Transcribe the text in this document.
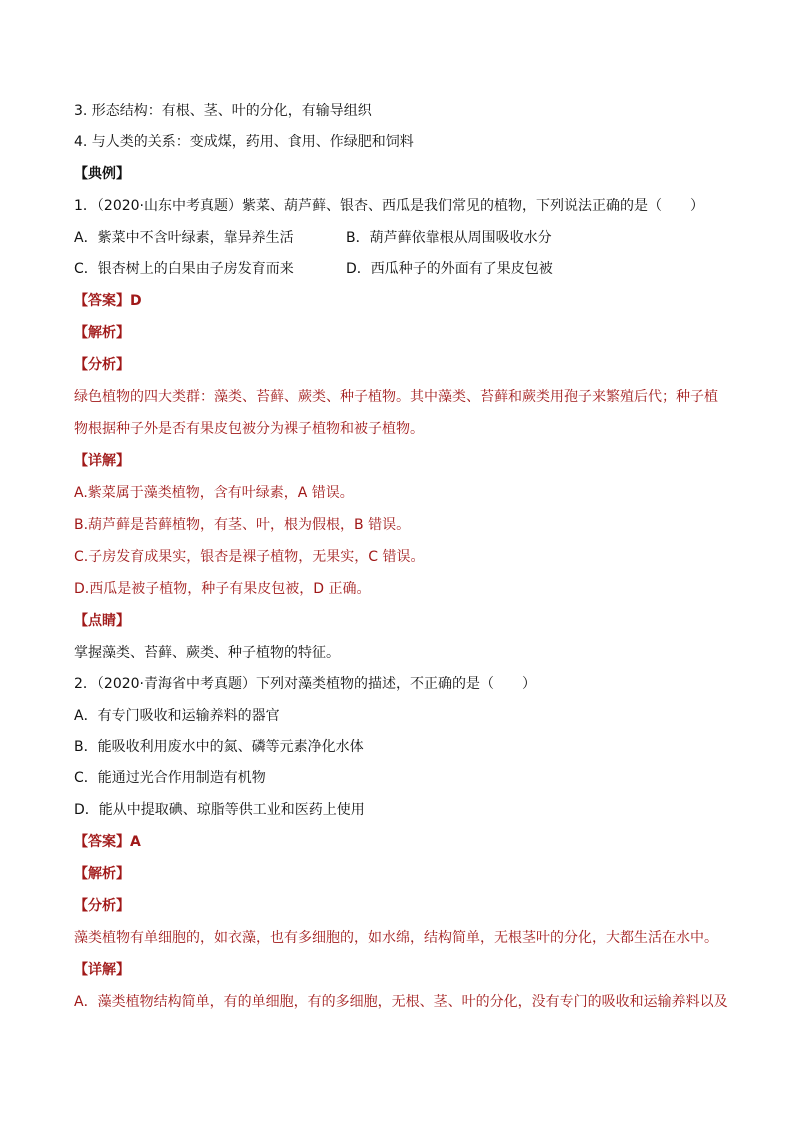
3. 形态结构：有根、茎、叶的分化，有输导组织
4. 与人类的关系：变成煤，药用、食用、作绿肥和饲料
【典例】
1．（2020·山东中考真题）紫菜、葫芦藓、银杏、西瓜是我们常见的植物，下列说法正确的是（　　）
A．紫菜中不含叶绿素，靠异养生活	B．葫芦藓依靠根从周围吸收水分
C．银杏树上的白果由子房发育而来	D．西瓜种子的外面有了果皮包被
【答案】D
【解析】
【分析】
绿色植物的四大类群：藻类、苔藓、蕨类、种子植物。其中藻类、苔藓和蕨类用孢子来繁殖后代；种子植
物根据种子外是否有果皮包被分为裸子植物和被子植物。
【详解】
A.紫菜属于藻类植物，含有叶绿素，A 错误。
B.葫芦藓是苔藓植物，有茎、叶，根为假根，B 错误。
C.子房发育成果实，银杏是裸子植物，无果实，C 错误。
D.西瓜是被子植物，种子有果皮包被，D 正确。
【点睛】
掌握藻类、苔藓、蕨类、种子植物的特征。
2．（2020·青海省中考真题）下列对藻类植物的描述，不正确的是（　　）
A．有专门吸收和运输养料的器官
B．能吸收利用废水中的氮、磷等元素净化水体
C．能通过光合作用制造有机物
D．能从中提取碘、琼脂等供工业和医药上使用
【答案】A
【解析】
【分析】
藻类植物有单细胞的，如衣藻，也有多细胞的，如水绵，结构简单，无根茎叶的分化，大都生活在水中。
【详解】
A．藻类植物结构简单，有的单细胞，有的多细胞，无根、茎、叶的分化，没有专门的吸收和运输养料以及
